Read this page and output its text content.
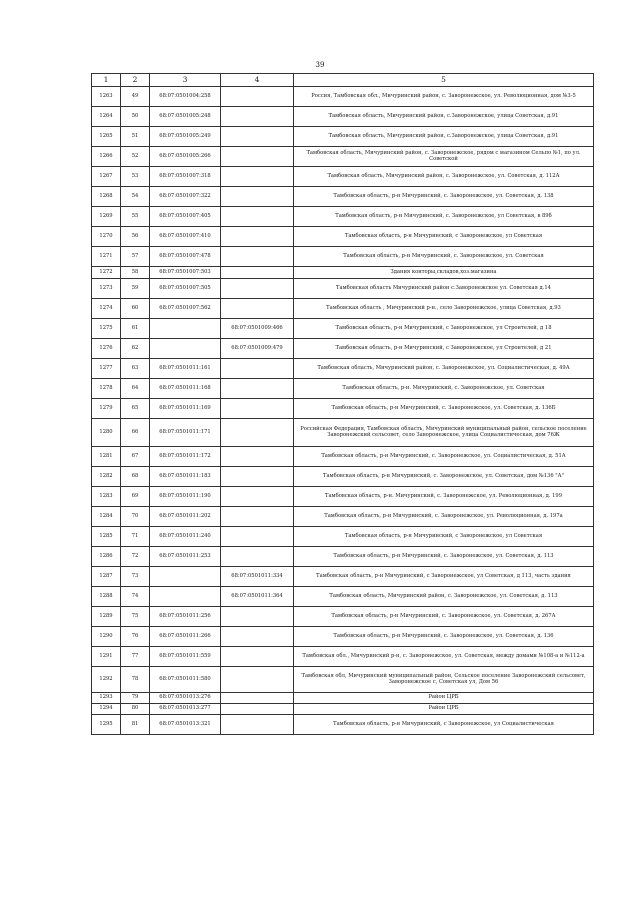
39
1	2	3	4	5
1263	49	68:07:0501004:258		Россия, Тамбовская обл., Мичуринский район, с. Заворонежское, ул. Революционная, дом №3-5
1264	50	68:07:0501005:248		Тамбовская область, Мичуринский район, с.Заворонежское, улица Советская, д.91
1265	51	68:07:0501005:249		Тамбовская область, Мичуринский район, с.Заворонежское, улица Советская, д.91
1266	52	68:07:0501005:266		Тамбовская область, Мичуринский район, с. Заворонежское, рядом с магазином Сельпо №1, по ул. Советской
1267	53	68:07:0501007:318		Тамбовская область, Мичуринский район, с. Заворонежское, ул. Советская, д. 112А
1268	54	68:07:0501007:322		Тамбовская область, р-н Мичуринский, с. Заворонежское, ул. Советская, д. 138
1269	55	68:07:0501007:405		Тамбовская область, р-н Мичуринский, с. Заворонежское, ул Советская, в 89б
1270	56	68:07:0501007:410		Тамбовская область, р-н Мичуринский, с Заворонежское, ул Советская
1271	57	68:07:0501007:478		Тамбовская область, р-н Мичуринский, с. Заворонежское, ул. Советская
1272	58	68:07:0501007:503		Здания конторы,складов,хоз.магазина
1273	59	68:07:0501007:505		Тамбовская область Мичуринский район с.Заворонежское ул. Советская д.14
1274	60	68:07:0501007:562		Тамбовская область , Мичуринский р-н., село Заворонежское, улица Советская, д.93
1275	61		68:07:0501009:466	Тамбовская область, р-н Мичуринский, с Заворонежское, ул Строителей, д 18
1276	62		68:07:0501009:479	Тамбовская область, р-н Мичуринский, с Заворонежское, ул Строителей, д 21
1277	63	68:07:0501011:161		Тамбовская область, Мичуринский район, с. Заворонежское, ул. Социалистическая, д. 49А
1278	64	68:07:0501011:168		Тамбовская область, р-н. Мичуринский, с. Заворонежское, ул. Советская
1279	65	68:07:0501011:169		Тамбовская область, р-н Мичуринский, с. Заворонежское, ул. Советская, д. 136Б
1280	66	68:07:0501011:171		Российская Федерация, Тамбовская область, Мичуринский муниципальный район, сельское поселение Заворонежский сельсовет, село Заворонежское, улица Социалистическая, дом 76Ж
1281	67	68:07:0501011:172		Тамбовская область, р-н Мичуринский, с. Заворонежское, ул. Социалистическая, д. 51А
1282	68	68:07:0501011:183		Тамбовская область, р-н Мичуринский, с. Заворонежское, ул. Советская, дом №136 "А"
1283	69	68:07:0501011:190		Тамбовская область, р-н. Мичуринский, с. Заворонежское, ул. Революционная, д. 199
1284	70	68:07:0501011:202		Тамбовская область, р-н Мичуринский, с. Заворонежское, ул. Революционная, д. 197а
1285	71	68:07:0501011:240		Тамбовская область, р-н Мичуринский, с Заворонежское, ул Советская
1286	72	68:07:0501011:253		Тамбовская область, р-н Мичуринский, с. Заворонежское, ул. Советская, д. 113
1287	73		68:07:0501011:334	Тамбовская область, р-н Мичуринский, с Заворонежское, ул Советская, д 113, часть здания
1288	74		68:07:0501011:364	Тамбовская область, Мичуринский район, с. Заворонежское, ул. Советская, д. 113
1289	75	68:07:0501011:256		Тамбовская область, р-н Мичуринский, с. Заворонежское, ул. Советская, д. 267А
1290	76	68:07:0501011:266		Тамбовская область, р-н Мичуринский, с. Заворонежское, ул. Советская, д. 136
1291	77	68:07:0501011:559		Тамбовская обл., Мичуринский р-н, с. Заворонежское, ул. Советская, между домами №108-а и №112-а
1292	78	68:07:0501011:580		Тамбовская обл, Мичуринский муниципальный район, Сельское поселение Заворонежский сельсовет, Заворонежское с, Советская ул, Дом 56
1293	79	68:07:0501013:276		Район ЦРБ
1294	80	68:07:0501013:277		Район ЦРБ
1295	81	68:07:0501013:321		Тамбовская область, р-н Мичуринский, с Заворонежское, ул Социалистическая
